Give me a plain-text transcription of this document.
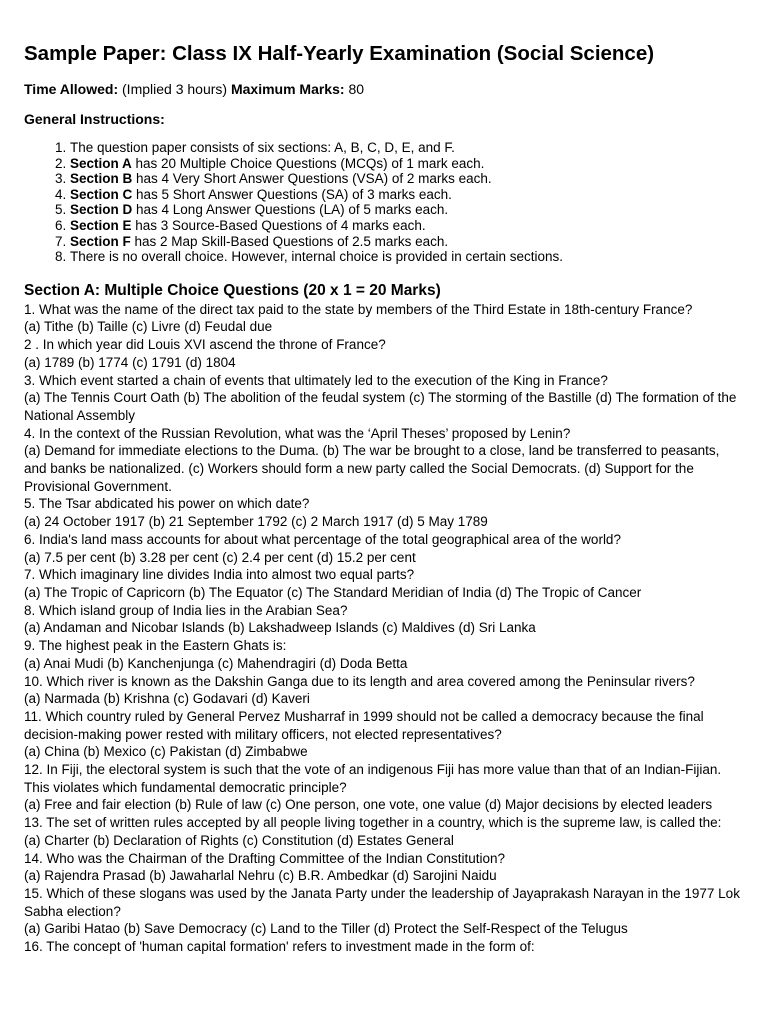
Sample Paper: Class IX Half-Yearly Examination (Social Science)

Time Allowed: (Implied 3 hours) Maximum Marks: 80

General Instructions:

1. The question paper consists of six sections: A, B, C, D, E, and F.
2. Section A has 20 Multiple Choice Questions (MCQs) of 1 mark each.
3. Section B has 4 Very Short Answer Questions (VSA) of 2 marks each.
4. Section C has 5 Short Answer Questions (SA) of 3 marks each.
5. Section D has 4 Long Answer Questions (LA) of 5 marks each.
6. Section E has 3 Source-Based Questions of 4 marks each.
7. Section F has 2 Map Skill-Based Questions of 2.5 marks each.
8. There is no overall choice. However, internal choice is provided in certain sections.
Section A: Multiple Choice Questions (20 x 1 = 20 Marks)

1. What was the name of the direct tax paid to the state by members of the Third Estate in 18th-century France?

(a) Tithe (b) Taille (c) Livre (d) Feudal due

2 . In which year did Louis XVI ascend the throne of France?

(a) 1789 (b) 1774 (c) 1791 (d) 1804

3. Which event started a chain of events that ultimately led to the execution of the King in France?

(a) The Tennis Court Oath (b) The abolition of the feudal system (c) The storming of the Bastille (d) The formation of the National Assembly

4. In the context of the Russian Revolution, what was the ‘April Theses’ proposed by Lenin?

(a) Demand for immediate elections to the Duma. (b) The war be brought to a close, land be transferred to peasants, and banks be nationalized. (c) Workers should form a new party called the Social Democrats. (d) Support for the Provisional Government.

5. The Tsar abdicated his power on which date?

(a) 24 October 1917 (b) 21 September 1792 (c) 2 March 1917 (d) 5 May 1789

6. India's land mass accounts for about what percentage of the total geographical area of the world?

(a) 7.5 per cent (b) 3.28 per cent (c) 2.4 per cent (d) 15.2 per cent

7. Which imaginary line divides India into almost two equal parts?

(a) The Tropic of Capricorn (b) The Equator (c) The Standard Meridian of India (d) The Tropic of Cancer

8. Which island group of India lies in the Arabian Sea?

(a) Andaman and Nicobar Islands (b) Lakshadweep Islands (c) Maldives (d) Sri Lanka

9. The highest peak in the Eastern Ghats is:

(a) Anai Mudi (b) Kanchenjunga (c) Mahendragiri (d) Doda Betta

10. Which river is known as the Dakshin Ganga due to its length and area covered among the Peninsular rivers?

(a) Narmada (b) Krishna (c) Godavari (d) Kaveri

11. Which country ruled by General Pervez Musharraf in 1999 should not be called a democracy because the final decision-making power rested with military officers, not elected representatives?

(a) China (b) Mexico (c) Pakistan (d) Zimbabwe

12. In Fiji, the electoral system is such that the vote of an indigenous Fiji has more value than that of an Indian-Fijian. This violates which fundamental democratic principle?

(a) Free and fair election (b) Rule of law (c) One person, one vote, one value (d) Major decisions by elected leaders

13. The set of written rules accepted by all people living together in a country, which is the supreme law, is called the:

(a) Charter (b) Declaration of Rights (c) Constitution (d) Estates General

14. Who was the Chairman of the Drafting Committee of the Indian Constitution?

(a) Rajendra Prasad (b) Jawaharlal Nehru (c) B.R. Ambedkar (d) Sarojini Naidu

15. Which of these slogans was used by the Janata Party under the leadership of Jayaprakash Narayan in the 1977 Lok Sabha election?

(a) Garibi Hatao (b) Save Democracy (c) Land to the Tiller (d) Protect the Self-Respect of the Telugus

16. The concept of 'human capital formation' refers to investment made in the form of:
